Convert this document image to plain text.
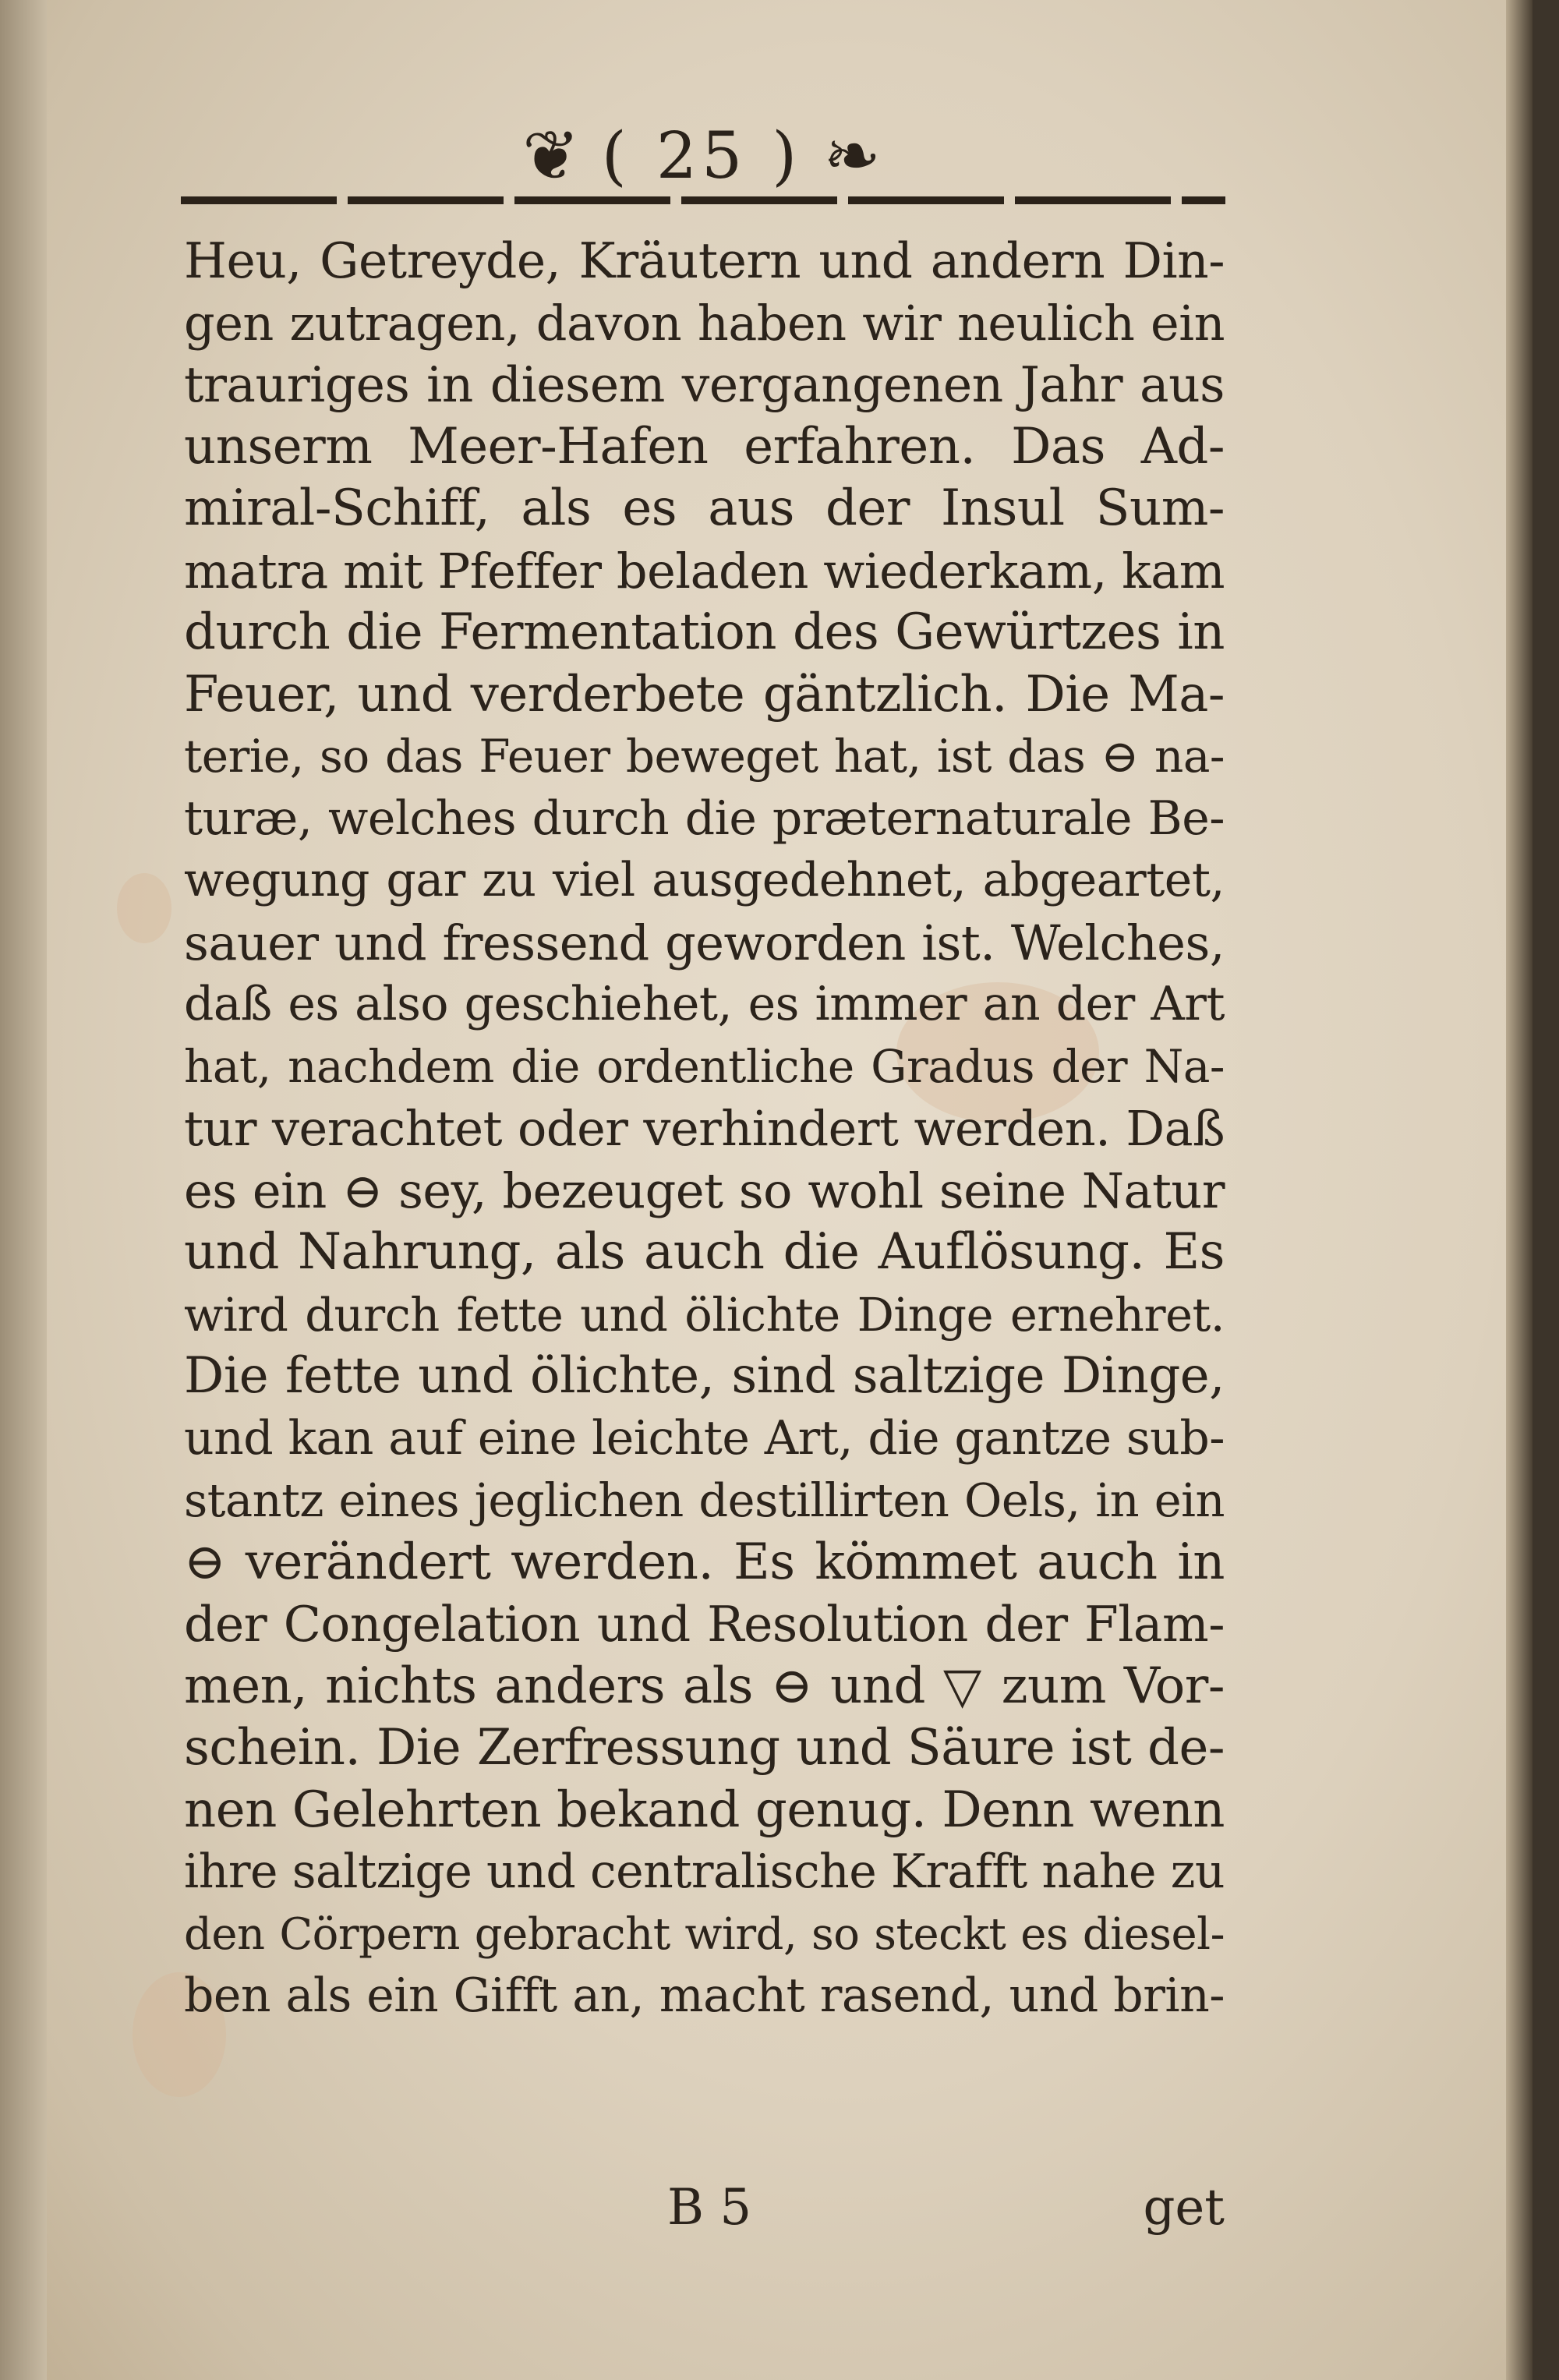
❦ ( 25 ) ❧
Heu, Getreyde, Kräutern und andern Din-
gen zutragen, davon haben wir neulich ein
trauriges in diesem vergangenen Jahr aus
unserm Meer-Hafen erfahren. Das Ad-
miral-Schiff, als es aus der Insul Sum-
matra mit Pfeffer beladen wiederkam, kam
durch die Fermentation des Gewürtzes in
Feuer, und verderbete gäntzlich. Die Ma-
terie, so das Feuer beweget hat, ist das ⊖ na-
turæ, welches durch die præternaturale Be-
wegung gar zu viel ausgedehnet, abgeartet,
sauer und fressend geworden ist. Welches,
daß es also geschiehet, es immer an der Art
hat, nachdem die ordentliche Gradus der Na-
tur verachtet oder verhindert werden. Daß
es ein ⊖ sey, bezeuget so wohl seine Natur
und Nahrung, als auch die Auflösung. Es
wird durch fette und ölichte Dinge ernehret.
Die fette und ölichte, sind saltzige Dinge,
und kan auf eine leichte Art, die gantze sub-
stantz eines jeglichen destillirten Oels, in ein
⊖ verändert werden. Es kömmet auch in
der Congelation und Resolution der Flam-
men, nichts anders als ⊖ und ▽ zum Vor-
schein. Die Zerfressung und Säure ist de-
nen Gelehrten bekand genug. Denn wenn
ihre saltzige und centralische Krafft nahe zu
den Cörpern gebracht wird, so steckt es diesel-
ben als ein Gifft an, macht rasend, und brin-
B 5	get
